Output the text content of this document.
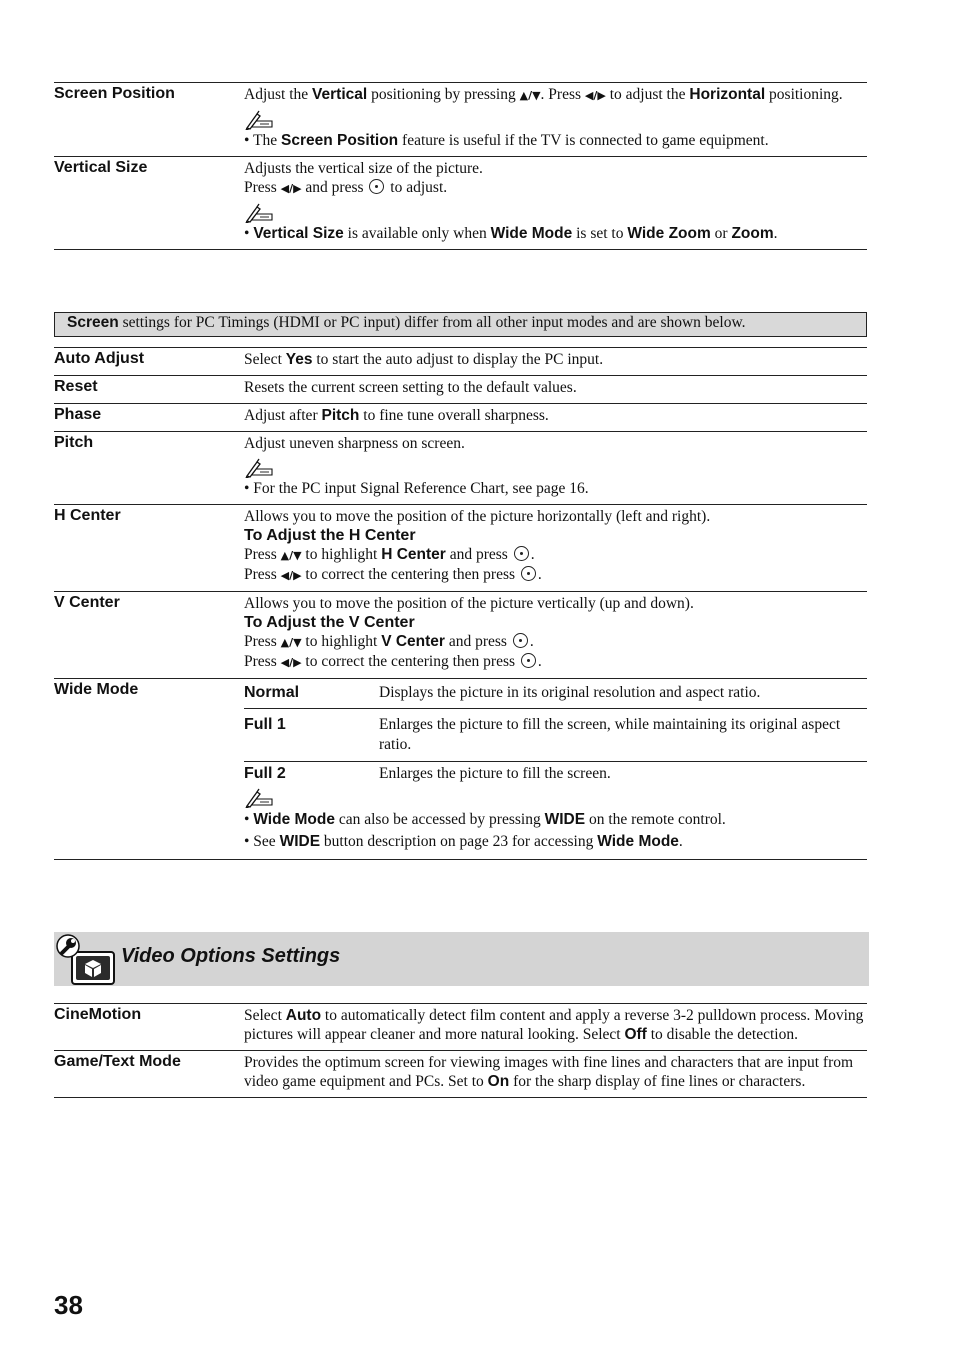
Screen Position	Adjust the Vertical positioning by pressing ▲/▼. Press ◀/▶ to adjust the Horizontal positioning.
• The Screen Position feature is useful if the TV is connected to game equipment.

Vertical Size	Adjusts the vertical size of the picture.
Press ◀/▶ and press  to adjust.
• Vertical Size is available only when Wide Mode is set to Wide Zoom or Zoom.
Screen settings for PC Timings (HDMI or PC input) differ from all other input modes and are shown below.
Auto Adjust	Select Yes to start the auto adjust to display the PC input.
Reset	Resets the current screen setting to the default values.
Phase	Adjust after Pitch to fine tune overall sharpness.
Pitch	Adjust uneven sharpness on screen.
• For the PC input Signal Reference Chart, see page 16.

H Center	Allows you to move the position of the picture horizontally (left and right).
To Adjust the H Center
Press ▲/▼ to highlight H Center and press .
Press ◀/▶ to correct the centering then press .

V Center	Allows you to move the position of the picture vertically (up and down).
To Adjust the V Center
Press ▲/▼ to highlight V Center and press .
Press ◀/▶ to correct the centering then press .

Wide Mode		Normal	Displays the picture in its original resolution and aspect ratio.
Full 1	Enlarges the picture to fill the screen, while maintaining its original aspect ratio.
Full 2	Enlarges the picture to fill the screen.
• Wide Mode can also be accessed by pressing WIDE on the remote control.
• See WIDE button description on page 23 for accessing Wide Mode.
Video Options Settings
CineMotion	Select Auto to automatically detect film content and apply a reverse 3-2 pulldown process. Moving pictures will appear cleaner and more natural looking. Select Off to disable the detection.
Game/Text Mode	Provides the optimum screen for viewing images with fine lines and characters that are input from video game equipment and PCs. Set to On for the sharp display of fine lines or characters.
38
